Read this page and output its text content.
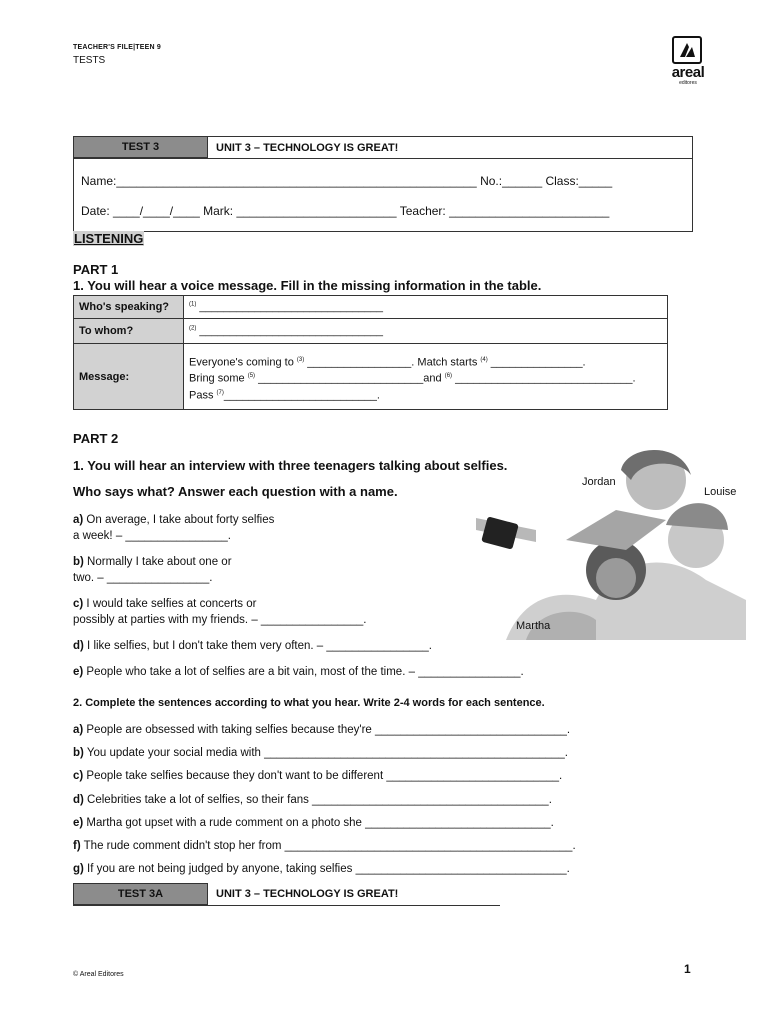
TEACHER'S FILE|TEEN 9
TESTS
areal
editores
TEST 3	UNIT 3 – TECHNOLOGY IS GREAT!
Name:______________________________________________________ No.:______ Class:_____
Date: ____/____/____ Mark: ________________________ Teacher: ________________________
LISTENING
PART 1
1. You will hear a voice message. Fill in the missing information in the table.
Who's speaking?	$^{(1)}$ ______________________________
To whom?	$^{(2)}$ ______________________________
Message:	Everyone's coming to $^{(3)}$ _________________. Match starts $^{(4)}$ _______________.
Bring some $^{(5)}$ ___________________________and $^{(6)}$ _____________________________.
Pass $^{(7)}$_________________________.
PART 2
1. You will hear an interview with three teenagers talking about selfies.
Who says what? Answer each question with a name.
a) On average, I take about forty selfies
a week! – ________________.
b) Normally I take about one or
two. – ________________.
c) I would take selfies at concerts or
possibly at parties with my friends. – ________________.
d) I like selfies, but I don't take them very often. – ________________.
e) People who take a lot of selfies are a bit vain, most of the time. – ________________.
Jordan
Louise
Martha
2. Complete the sentences according to what you hear. Write 2-4 words for each sentence.
a) People are obsessed with taking selfies because they're ______________________________.
b) You update your social media with _______________________________________________.
c) People take selfies because they don't want to be different ___________________________.
d) Celebrities take a lot of selfies, so their fans _____________________________________.
e) Martha got upset with a rude comment on a photo she _____________________________.
f) The rude comment didn't stop her from _____________________________________________.
g) If you are not being judged by anyone, taking selfies _________________________________.
TEST 3A	UNIT 3 – TECHNOLOGY IS GREAT!
© Areal Editores	1
